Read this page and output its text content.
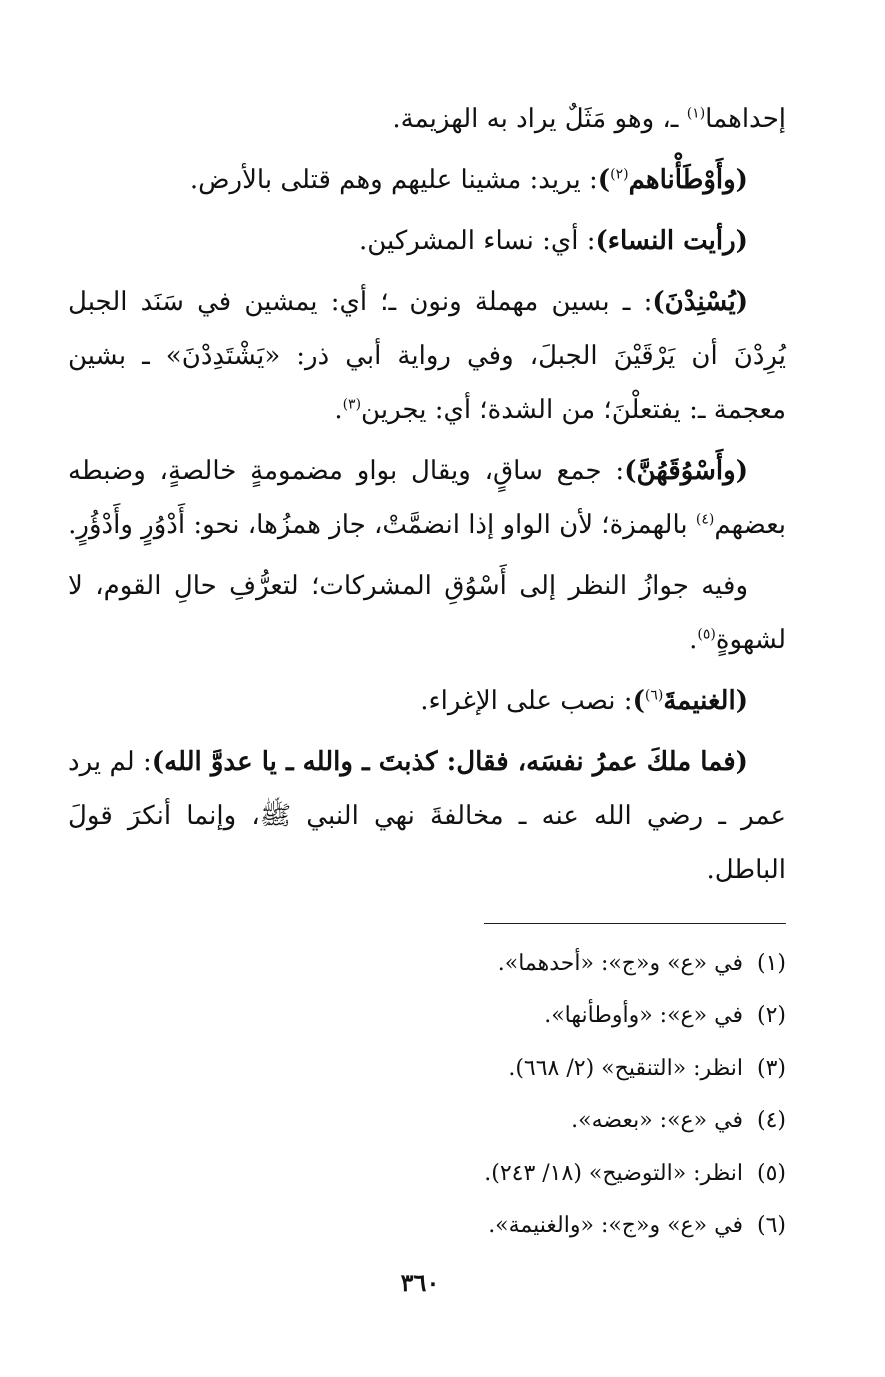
إحداهما$^{(١)}$ ـ، وهو مَثَلٌ يراد به الهزيمة.

(وأَوْطَأْناهم$^{(٢)}$): يريد: مشينا عليهم وهم قتلى بالأرض.

(رأيت النساء): أي: نساء المشركين.

(يُسْنِدْنَ): ـ بسين مهملة ونون ـ؛ أي: يمشين في سَنَد الجبل يُرِدْنَ أن يَرْقَيْنَ الجبلَ، وفي رواية أبي ذر: «يَشْتَدِدْنَ» ـ بشين معجمة ـ: يفتعلْنَ؛ من الشدة؛ أي: يجرين$^{(٣)}$.

(وأَسْوُقَهُنَّ): جمع ساقٍ، ويقال بواو مضمومةٍ خالصةٍ، وضبطه بعضهم$^{(٤)}$ بالهمزة؛ لأن الواو إذا انضمَّتْ، جاز همزُها، نحو: أَدْوُرٍ وأَدْؤُرٍ.

وفيه جوازُ النظر إلى أَسْوُقِ المشركات؛ لتعرُّفِ حالِ القوم، لا لشهوةٍ$^{(٥)}$.

(الغنيمةَ$^{(٦)}$): نصب على الإغراء.

(فما ملكَ عمرُ نفسَه، فقال: كذبتَ ـ والله ـ يا عدوَّ الله): لم يرد عمر ـ رضي الله عنه ـ مخالفةَ نهي النبي ﷺ، وإنما أنكرَ قولَ الباطل.

(١)في «ع» و«ج»: «أحدهما».
(٢)في «ع»: «وأوطأنها».
(٣)انظر: «التنقيح» (٢/ ٦٦٨).
(٤)في «ع»: «بعضه».
(٥)انظر: «التوضيح» (١٨/ ٢٤٣).
(٦)في «ع» و«ج»: «والغنيمة».
٣٦٠
